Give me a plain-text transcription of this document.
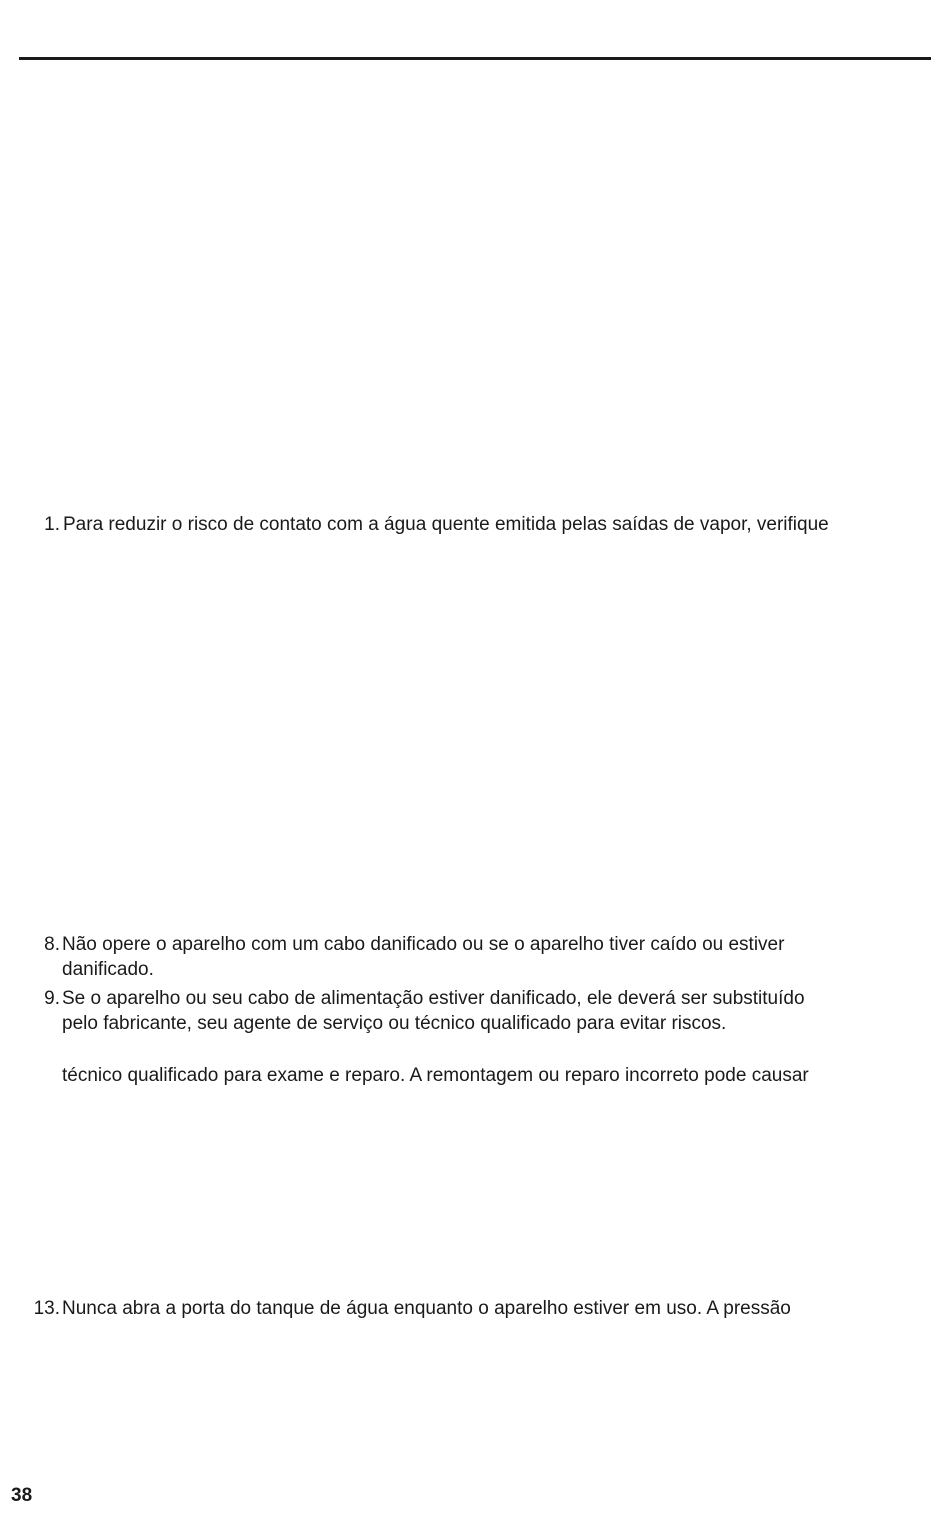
1. Para reduzir o risco de contato com a água quente emitida pelas saídas de vapor, verifique
8. Não opere o aparelho com um cabo danificado ou se o aparelho tiver caído ou estiver
danificado.
9. Se o aparelho ou seu cabo de alimentação estiver danificado, ele deverá ser substituído
pelo fabricante, seu agente de serviço ou técnico qualificado para evitar riscos.
técnico qualificado para exame e reparo. A remontagem ou reparo incorreto pode causar
13. Nunca abra a porta do tanque de água enquanto o aparelho estiver em uso. A pressão
38
